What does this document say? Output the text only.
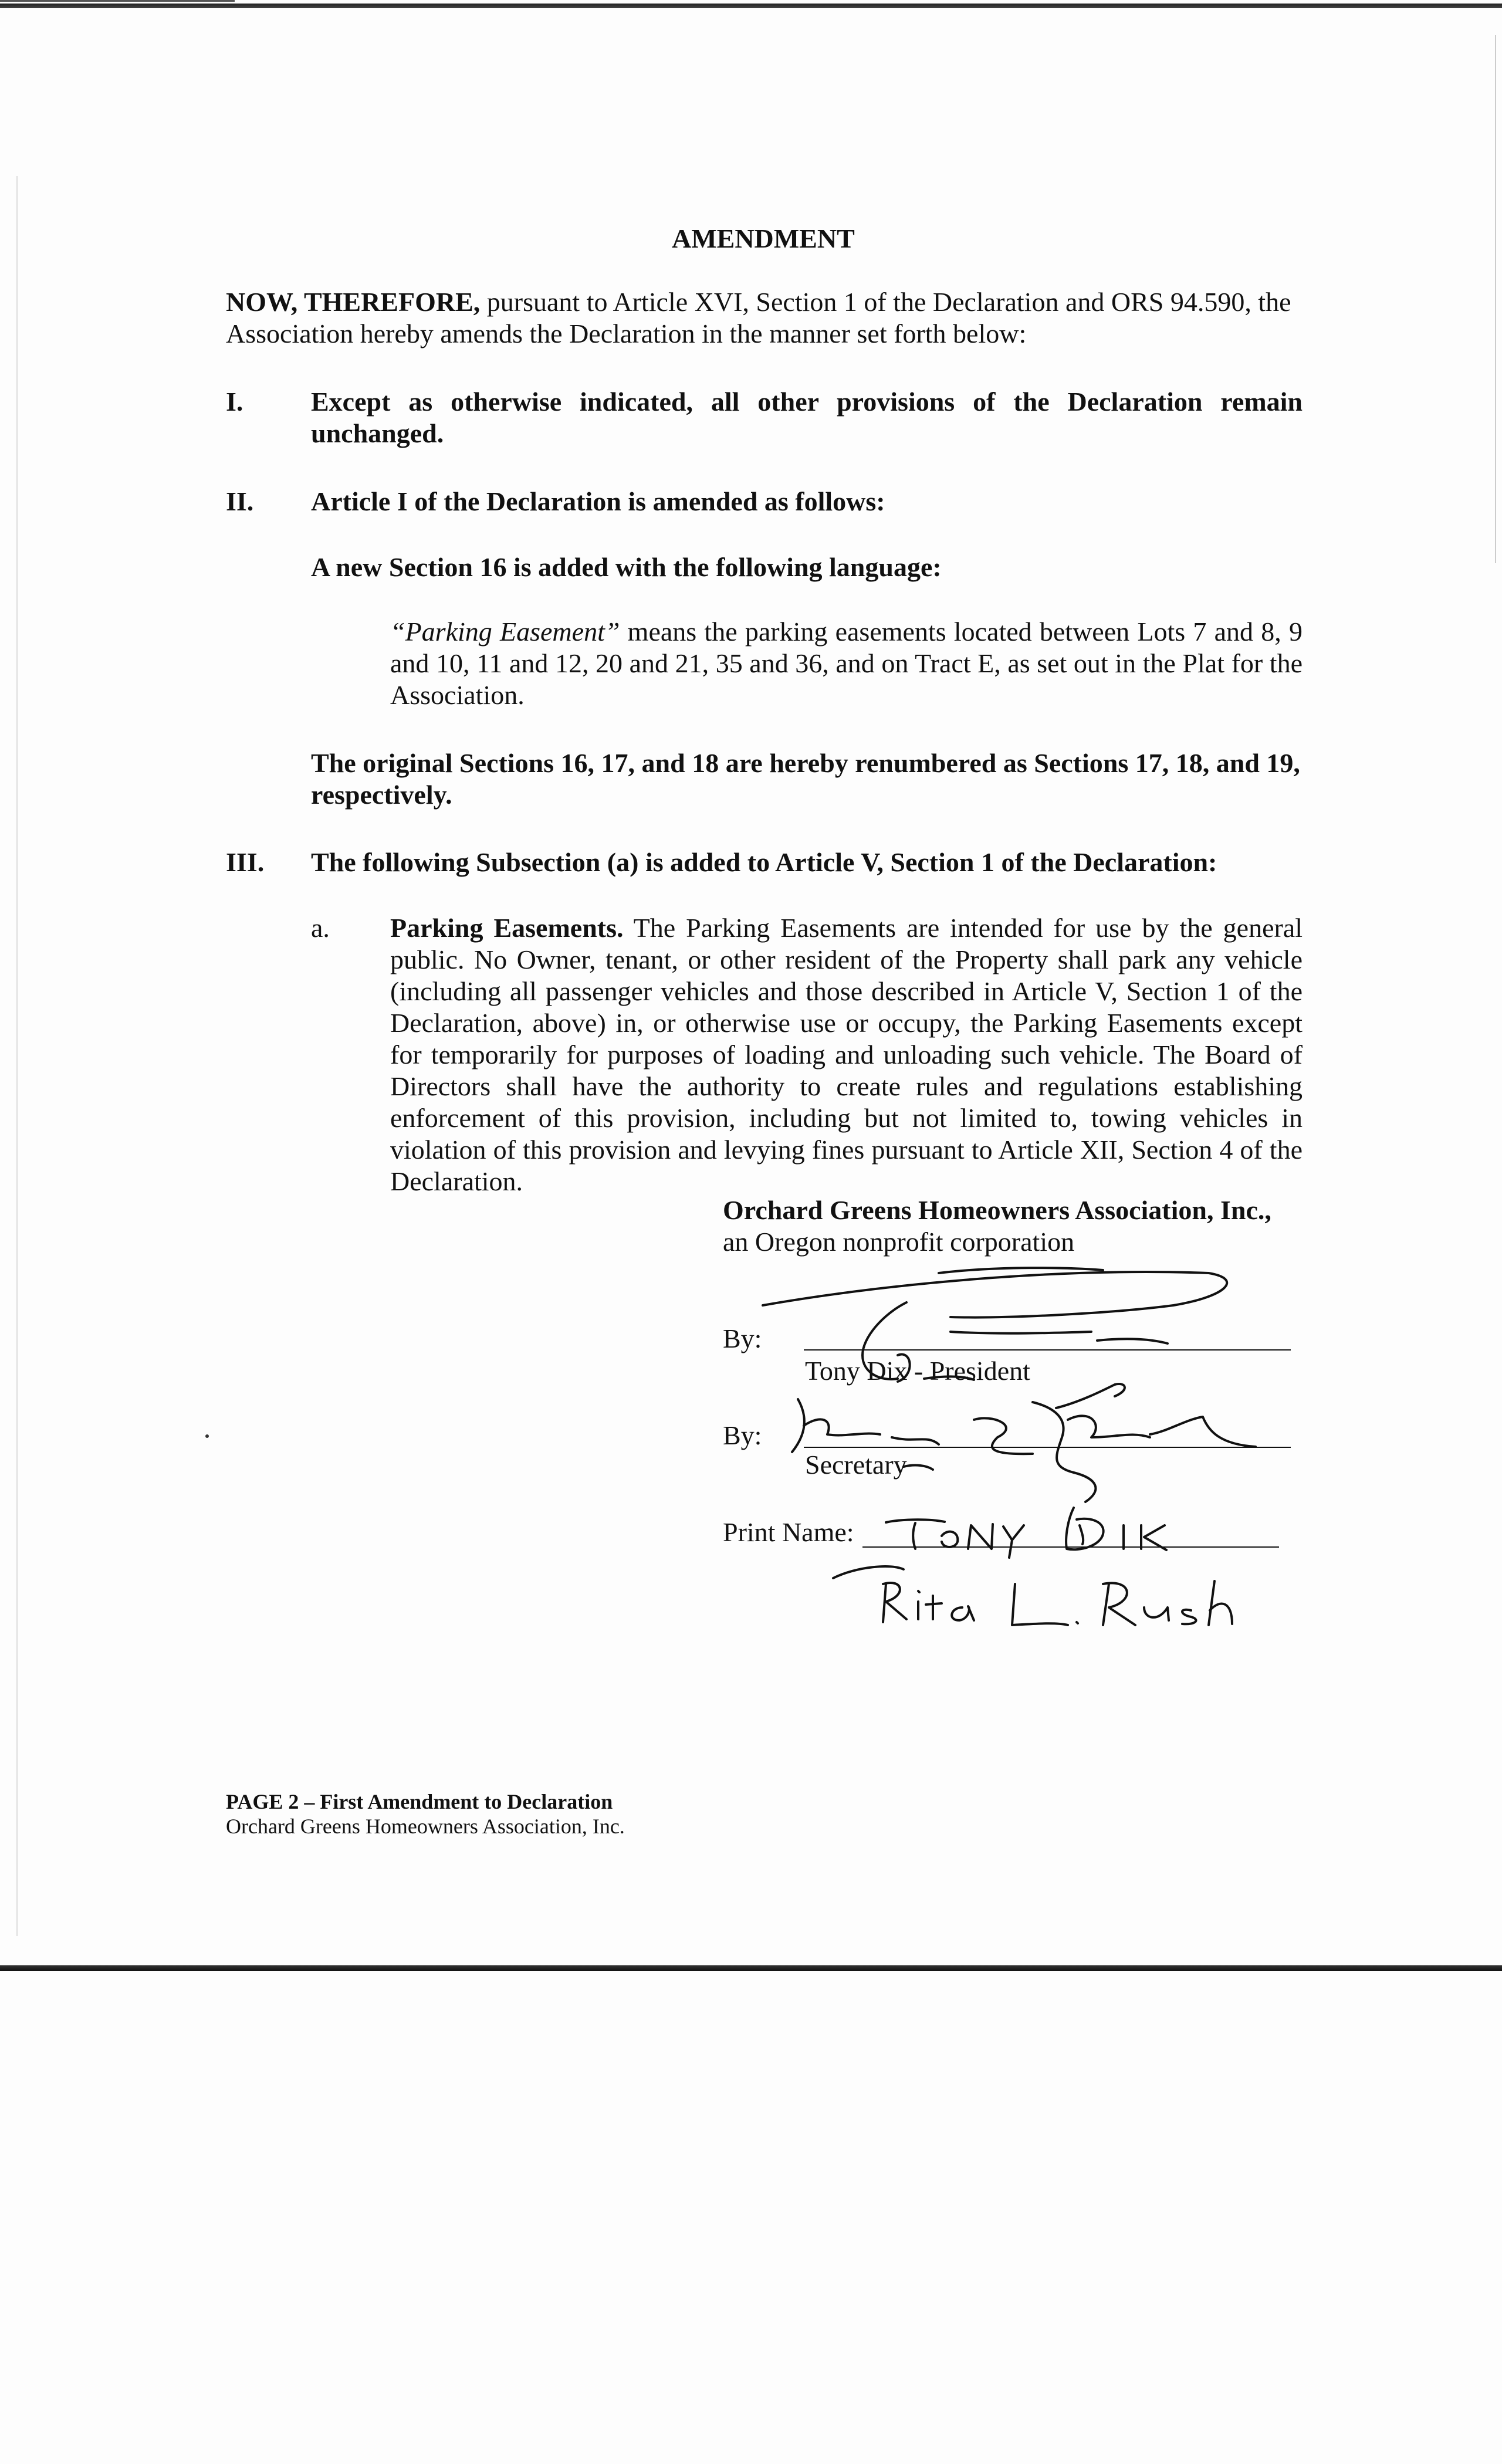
AMENDMENT
NOW, THEREFORE, pursuant to Article XVI, Section 1 of the Declaration and ORS 94.590, the Association hereby amends the Declaration in the manner set forth below:
I.	Except as otherwise indicated, all other provisions of the Declaration remain unchanged.
II. Article I of the Declaration is amended as follows:
A new Section 16 is added with the following language:
“Parking Easement” means the parking easements located between Lots 7 and 8, 9 and 10, 11 and 12, 20 and 21, 35 and 36, and on Tract E, as set out in the Plat for the Association.
The original Sections 16, 17, and 18 are hereby renumbered as Sections 17, 18, and 19, respectively.
III. The following Subsection (a) is added to Article V, Section 1 of the Declaration:
a. Parking Easements. The Parking Easements are intended for use by the general public. No Owner, tenant, or other resident of the Property shall park any vehicle (including all passenger vehicles and those described in Article V, Section 1 of the Declaration, above) in, or otherwise use or occupy, the Parking Easements except for temporarily for purposes of loading and unloading such vehicle. The Board of Directors shall have the authority to create rules and regulations establishing enforcement of this provision, including but not limited to, towing vehicles in violation of this provision and levying fines pursuant to Article XII, Section 4 of the Declaration.
Orchard Greens Homeowners Association, Inc.,
an Oregon nonprofit corporation
By:
Tony Dix - President
By:
Secretary
Print Name:
PAGE 2 – First Amendment to Declaration
Orchard Greens Homeowners Association, Inc.
